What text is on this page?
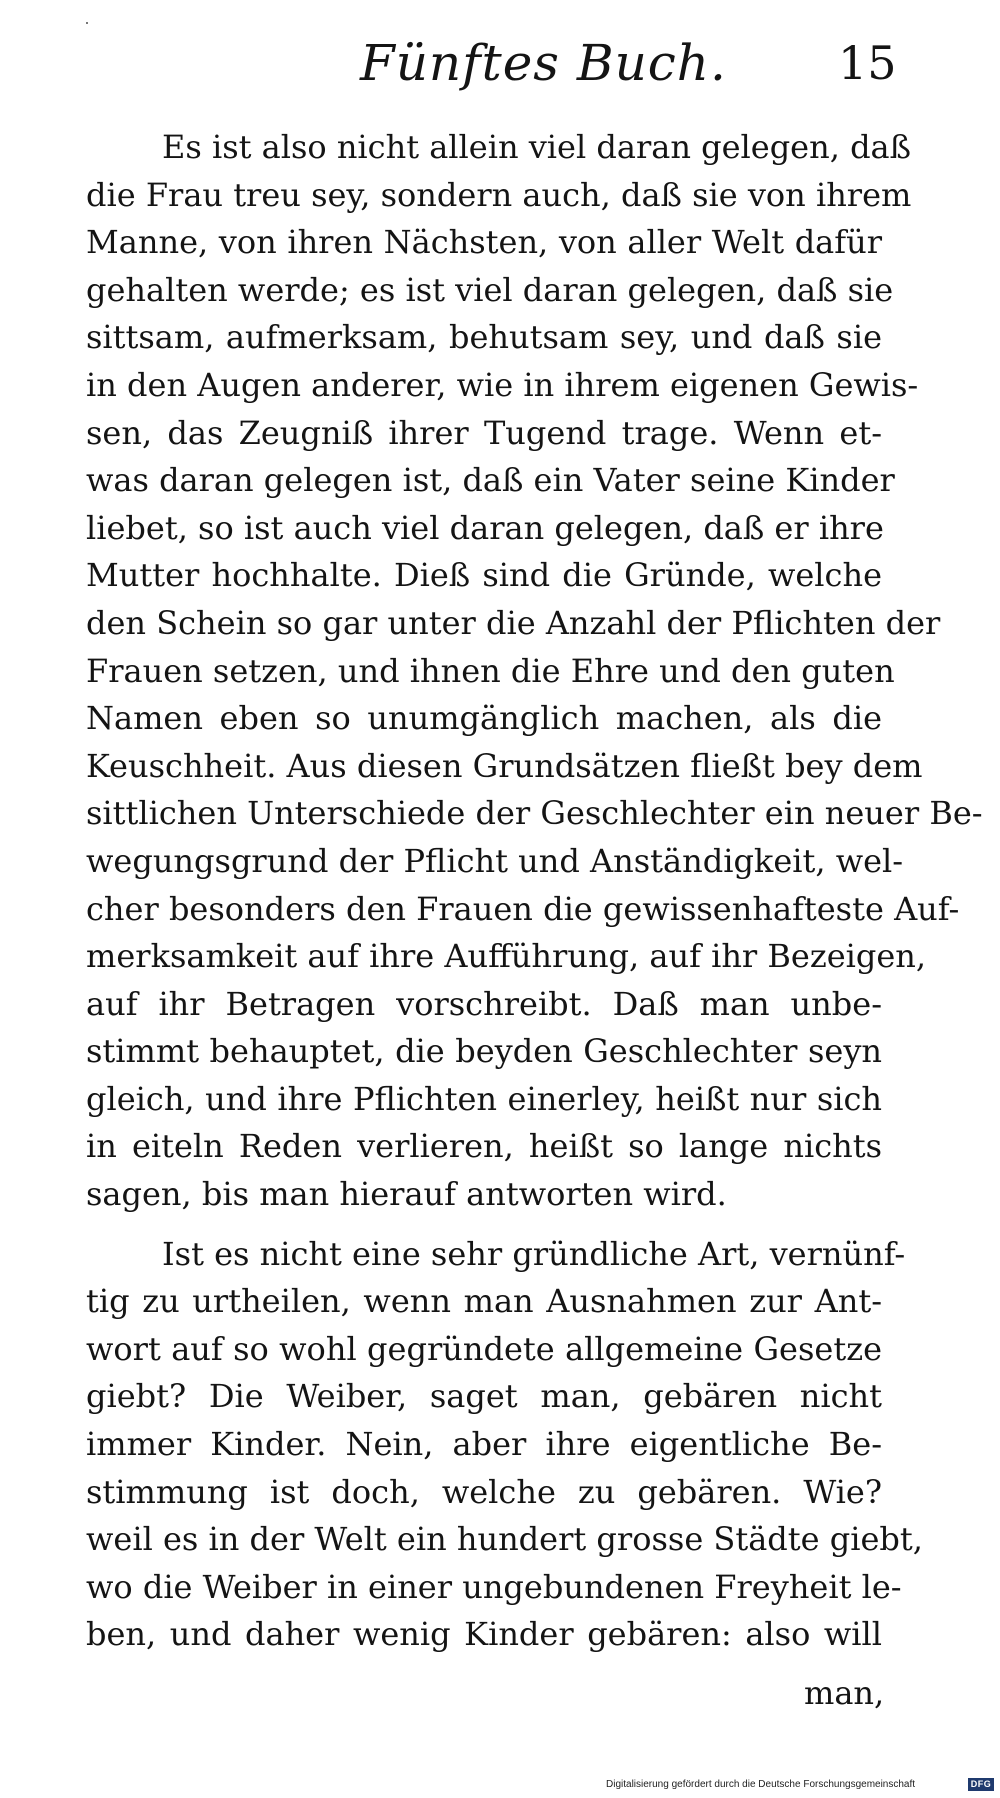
Fünftes Buch. 15
Es ist also nicht allein viel daran gelegen, daß
die Frau treu sey, sondern auch, daß sie von ihrem
Manne, von ihren Nächsten, von aller Welt dafür
gehalten werde; es ist viel daran gelegen, daß sie
sittsam, aufmerksam, behutsam sey, und daß sie
in den Augen anderer, wie in ihrem eigenen Gewis-
sen, das Zeugniß ihrer Tugend trage. Wenn et-
was daran gelegen ist, daß ein Vater seine Kinder
liebet, so ist auch viel daran gelegen, daß er ihre
Mutter hochhalte. Dieß sind die Gründe, welche
den Schein so gar unter die Anzahl der Pflichten der
Frauen setzen, und ihnen die Ehre und den guten
Namen eben so unumgänglich machen, als die
Keuschheit. Aus diesen Grundsätzen fließt bey dem
sittlichen Unterschiede der Geschlechter ein neuer Be-
wegungsgrund der Pflicht und Anständigkeit, wel-
cher besonders den Frauen die gewissenhafteste Auf-
merksamkeit auf ihre Aufführung, auf ihr Bezeigen,
auf ihr Betragen vorschreibt. Daß man unbe-
stimmt behauptet, die beyden Geschlechter seyn
gleich, und ihre Pflichten einerley, heißt nur sich
in eiteln Reden verlieren, heißt so lange nichts
sagen, bis man hierauf antworten wird.
Ist es nicht eine sehr gründliche Art, vernünf-
tig zu urtheilen, wenn man Ausnahmen zur Ant-
wort auf so wohl gegründete allgemeine Gesetze
giebt? Die Weiber, saget man, gebären nicht
immer Kinder. Nein, aber ihre eigentliche Be-
stimmung ist doch, welche zu gebären. Wie?
weil es in der Welt ein hundert grosse Städte giebt,
wo die Weiber in einer ungebundenen Freyheit le-
ben, und daher wenig Kinder gebären: also will
man,
Digitalisierung gefördert durch die Deutsche Forschungsgemeinschaft	DFG
